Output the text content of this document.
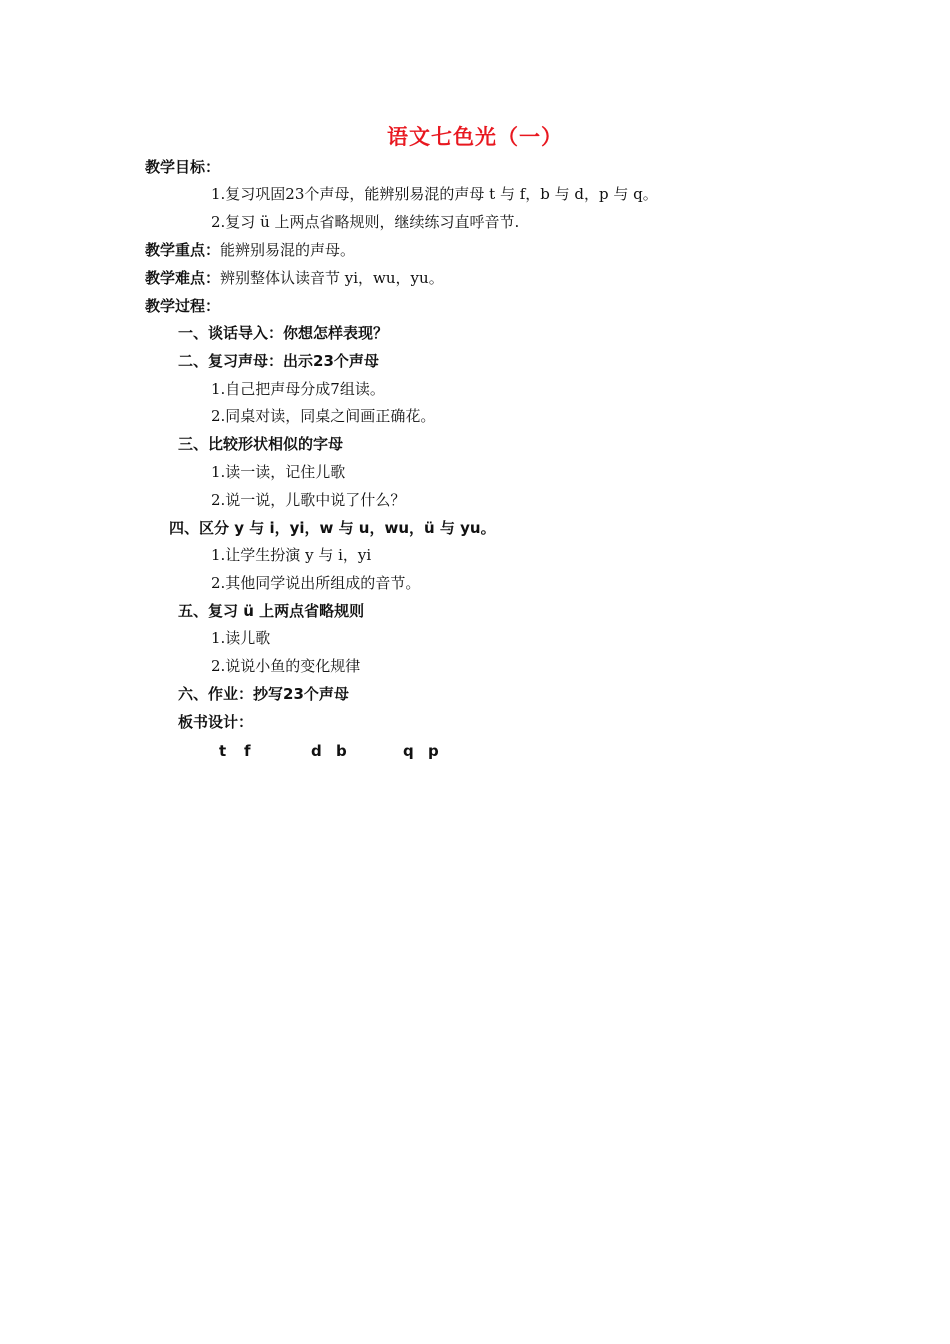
语文七色光（一）
教学目标：
1.复习巩固23个声母，能辨别易混的声母 t 与 f，b 与 d，p 与 q。
2.复习 ü 上两点省略规则，继续练习直呼音节.
教学重点：能辨别易混的声母。
教学难点：辨别整体认读音节 yi，wu，yu。
教学过程：
一、谈话导入：你想怎样表现？
二、复习声母：出示23个声母
1.自己把声母分成7组读。
2.同桌对读，同桌之间画正确花。
三、比较形状相似的字母
1.读一读，记住儿歌
2.说一说，儿歌中说了什么？
四、区分 y 与 i，yi，w 与 u，wu，ü 与 yu。
1.让学生扮演 y 与 i，yi
2.其他同学说出所组成的音节。
五、复习 ü 上两点省略规则
1.读儿歌
2.说说小鱼的变化规律
六、作业：抄写23个声母
板书设计：
t f	d b	q p
